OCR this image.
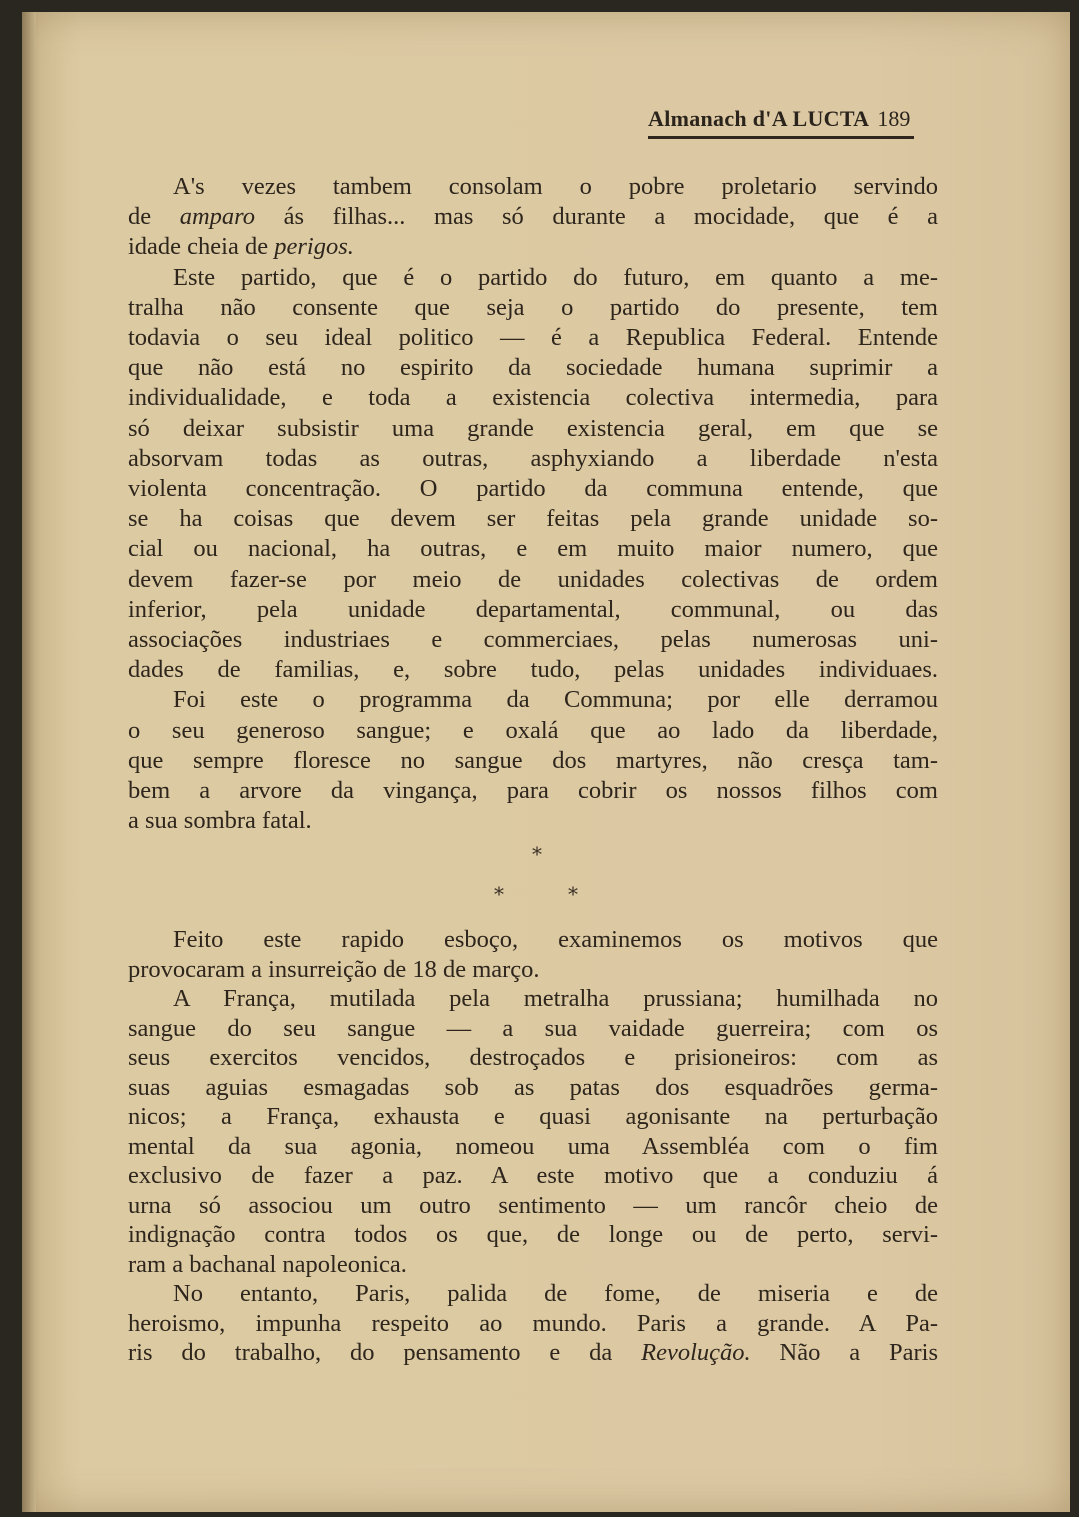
Almanach d'A LUCTA 189
A's vezes tambem consolam o pobre proletario servindo
de amparo ás filhas... mas só durante a mocidade, que é a
idade cheia de perigos.
Este partido, que é o partido do futuro, em quanto a me-
tralha não consente que seja o partido do presente, tem
todavia o seu ideal politico — é a Republica Federal. Entende
que não está no espirito da sociedade humana suprimir a
individualidade, e toda a existencia colectiva intermedia, para
só deixar subsistir uma grande existencia geral, em que se
absorvam todas as outras, asphyxiando a liberdade n'esta
violenta concentração. O partido da communa entende, que
se ha coisas que devem ser feitas pela grande unidade so-
cial ou nacional, ha outras, e em muito maior numero, que
devem fazer-se por meio de unidades colectivas de ordem
inferior, pela unidade departamental, communal, ou das
associações industriaes e commerciaes, pelas numerosas uni-
dades de familias, e, sobre tudo, pelas unidades individuaes.
Foi este o programma da Communa; por elle derramou
o seu generoso sangue; e oxalá que ao lado da liberdade,
que sempre floresce no sangue dos martyres, não cresça tam-
bem a arvore da vingança, para cobrir os nossos filhos com
a sua sombra fatal.
*
*	*
Feito este rapido esboço, examinemos os motivos que
provocaram a insurreição de 18 de março.
A França, mutilada pela metralha prussiana; humilhada no
sangue do seu sangue — a sua vaidade guerreira; com os
seus exercitos vencidos, destroçados e prisioneiros: com as
suas aguias esmagadas sob as patas dos esquadrões germa-
nicos; a França, exhausta e quasi agonisante na perturbação
mental da sua agonia, nomeou uma Assembléa com o fim
exclusivo de fazer a paz. A este motivo que a conduziu á
urna só associou um outro sentimento — um rancôr cheio de
indignação contra todos os que, de longe ou de perto, servi-
ram a bachanal napoleonica.
No entanto, Paris, palida de fome, de miseria e de
heroismo, impunha respeito ao mundo. Paris a grande. A Pa-
ris do trabalho, do pensamento e da Revolução. Não a Paris
